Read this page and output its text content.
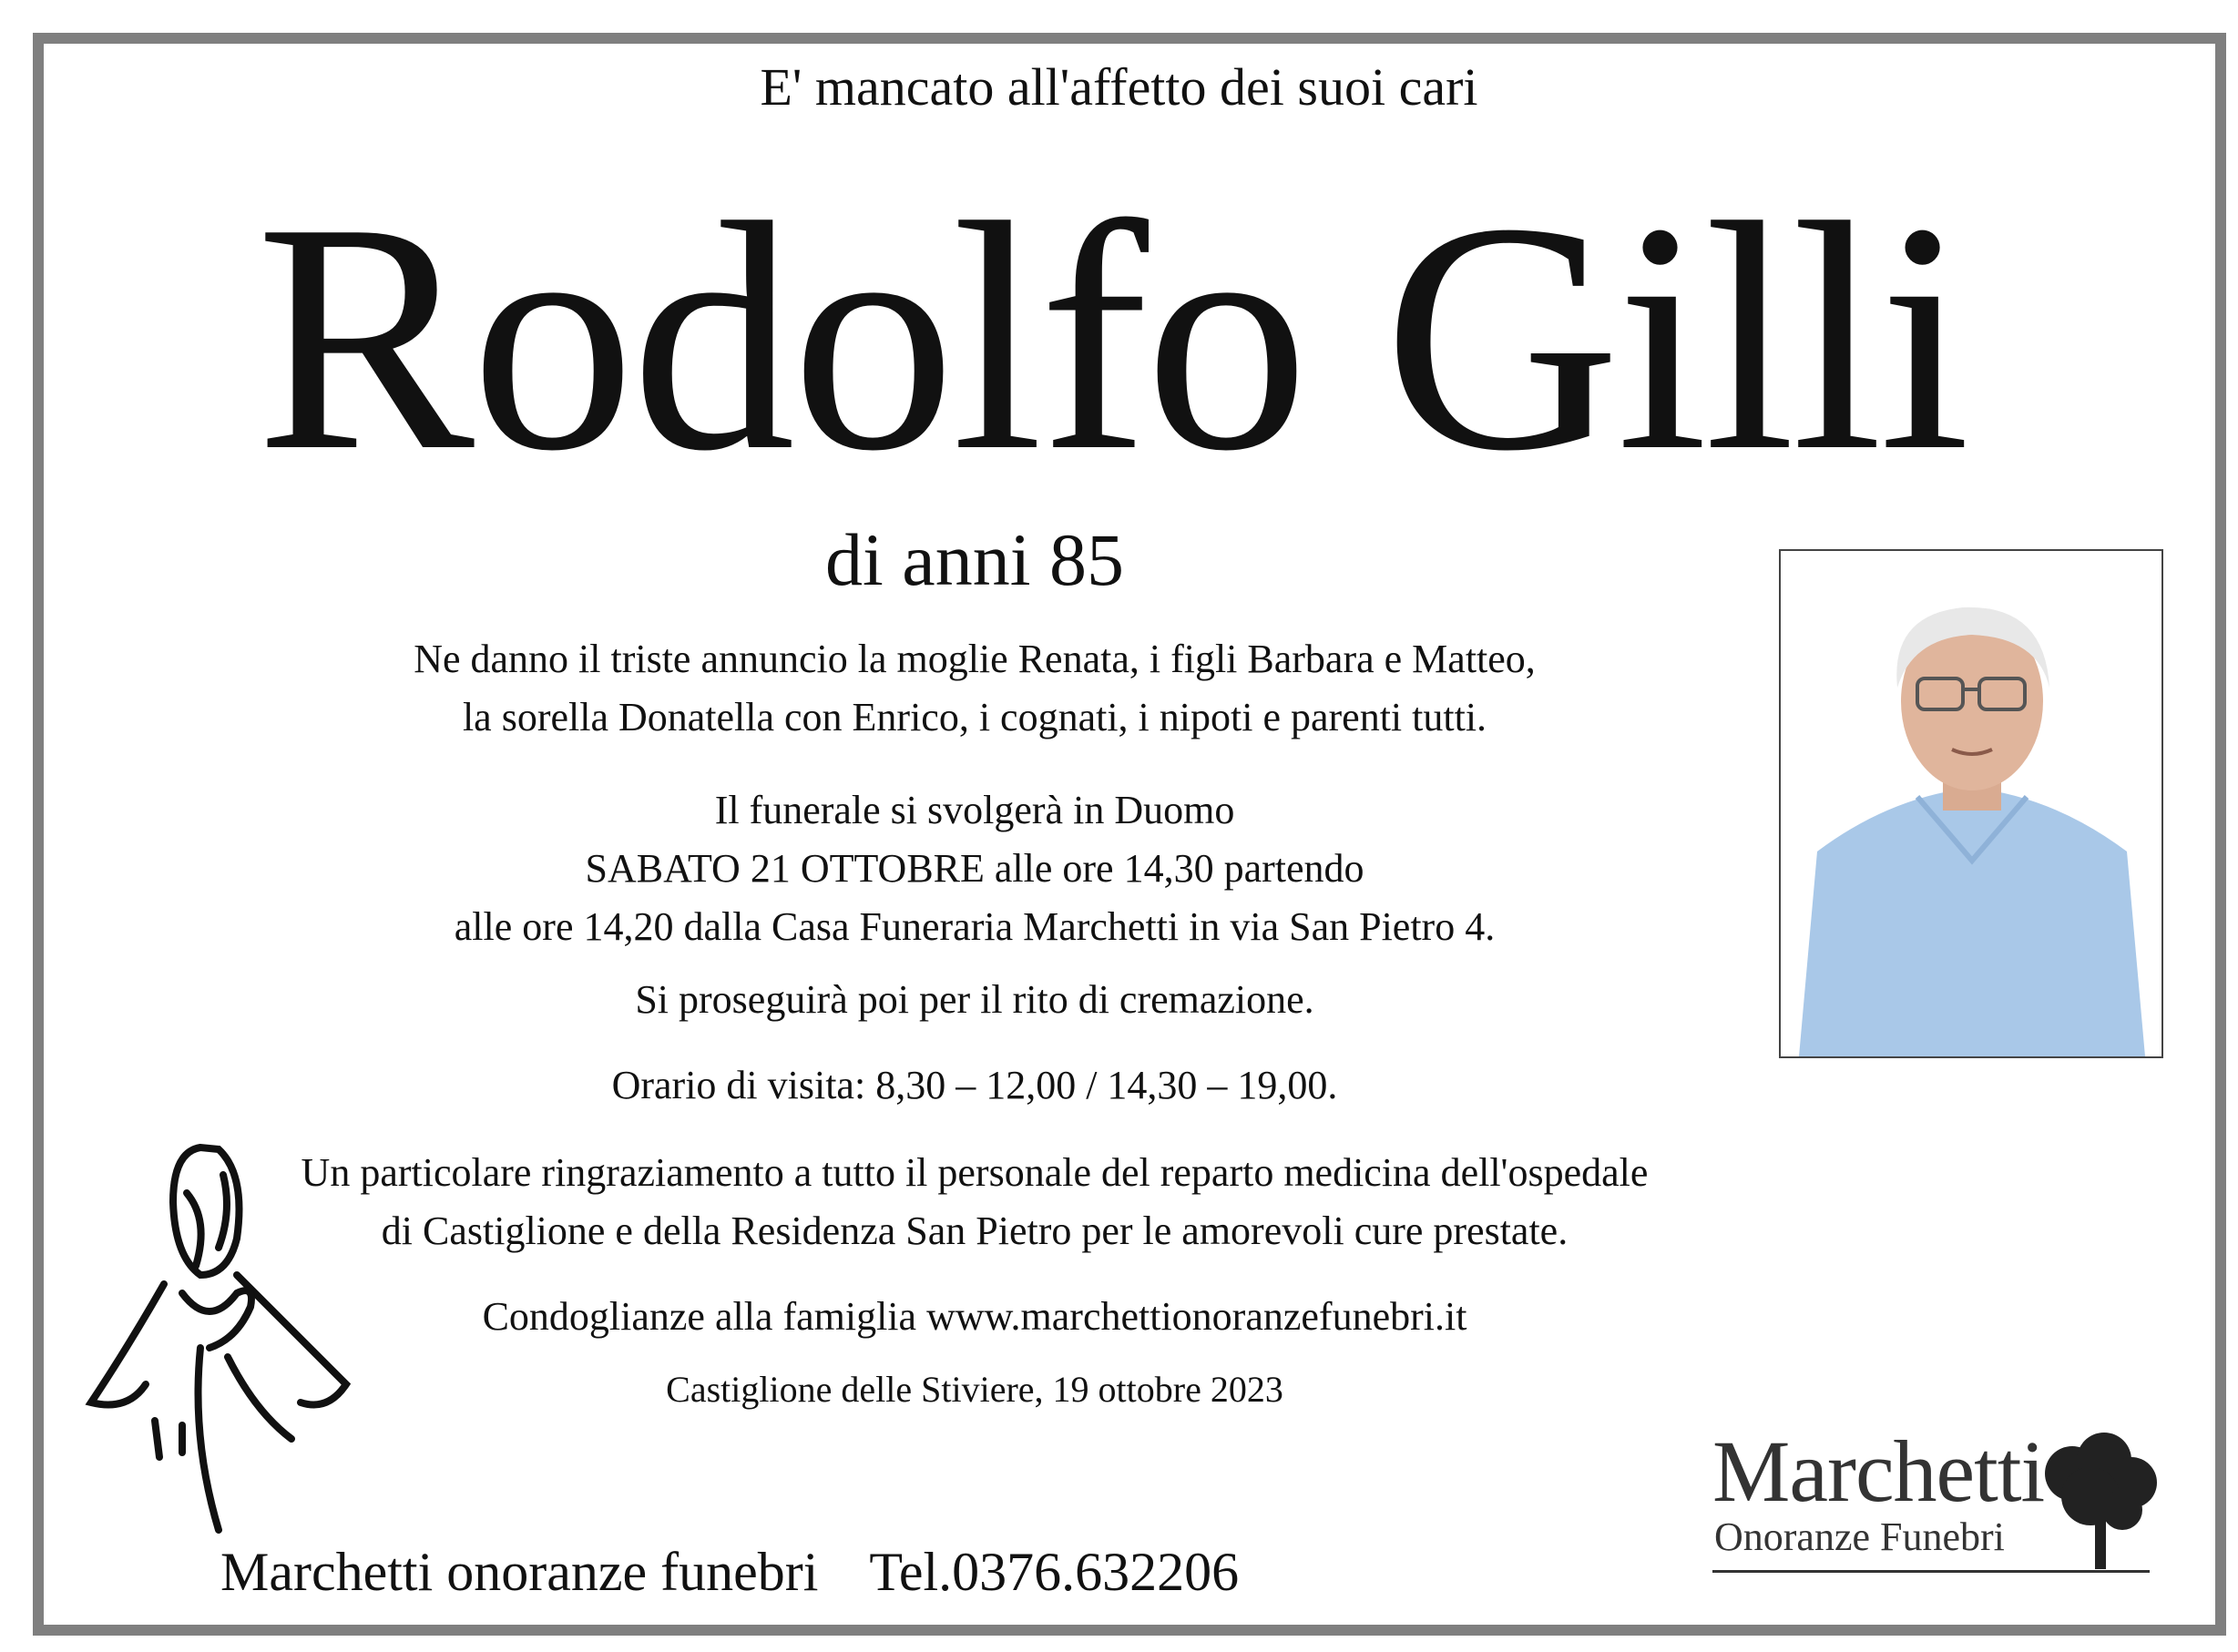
E' mancato all'affetto dei suoi cari
Rodolfo Gilli
di anni 85
Ne danno il triste annuncio la moglie Renata, i figli Barbara e Matteo,
la sorella Donatella con Enrico, i cognati, i nipoti e parenti tutti.
Il funerale si svolgerà in Duomo
SABATO 21 OTTOBRE alle ore 14,30 partendo
alle ore 14,20 dalla Casa Funeraria Marchetti in via San Pietro 4.
Si proseguirà poi per il rito di cremazione.
Orario di visita: 8,30 – 12,00 / 14,30 – 19,00.
Un particolare ringraziamento a tutto il personale del reparto medicina dell'ospedale
di Castiglione e della Residenza San Pietro per le amorevoli cure prestate.
Condoglianze alla famiglia www.marchettionoranzefunebri.it
Castiglione delle Stiviere, 19 ottobre 2023
Marchetti onoranze funebri Tel.0376.632206
Marchetti
Onoranze Funebri
